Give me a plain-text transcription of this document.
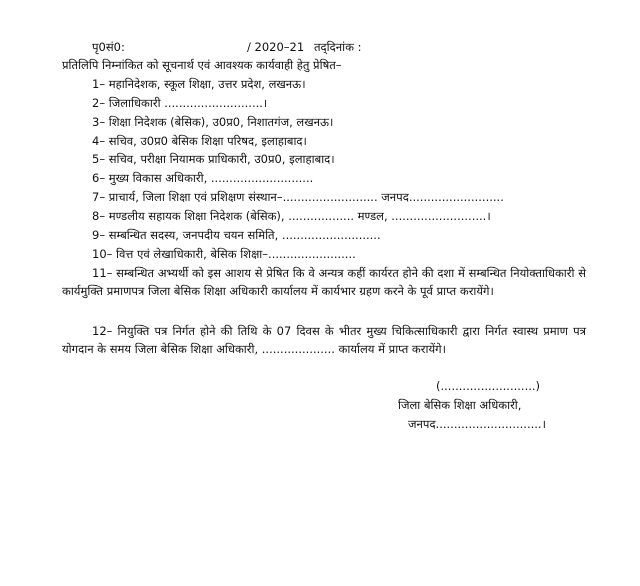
पृ0सं0:	/ 2020–21 तद्‌दिनांक :
प्रतिलिपि निम्नांकित को सूचनार्थ एवं आवश्यक कार्यवाही हेतु प्रेषित–
1– महानिदेशक, स्कूल शिक्षा, उत्तर प्रदेश, लखनऊ।
2– जिलाधिकारी ...........................।
3– शिक्षा निदेशक (बेसिक), उ0प्र0, निशातगंज, लखनऊ।
4– सचिव, उ0प्र0 बेसिक शिक्षा परिषद, इलाहाबाद।
5– सचिव, परीक्षा नियामक प्राधिकारी, उ0प्र0, इलाहाबाद।
6– मुख्य विकास अधिकारी, ............................
7– प्राचार्य, जिला शिक्षा एवं प्रशिक्षण संस्थान–.......................... जनपद..........................
8– मण्डलीय सहायक शिक्षा निदेशक (बेसिक), .................. मण्डल, ..........................।
9– सम्बन्धित सदस्य, जनपदीय चयन समिति, ...........................
10– वित्त एवं लेखाधिकारी, बेसिक शिक्षा–........................
11– सम्बन्धित अभ्यर्थी को इस आशय से प्रेषित कि वे अन्यत्र कहीं कार्यरत होने की दशा में सम्बन्धित नियोक्ताधिकारी से कार्यमुक्ति प्रमाणपत्र जिला बेसिक शिक्षा अधिकारी कार्यालय में कार्यभार ग्रहण करने के पूर्व प्राप्त करायेंगे।
12– नियुक्ति पत्र निर्गत होने की तिथि के 07 दिवस के भीतर मुख्य चिकित्साधिकारी द्वारा निर्गत स्वास्थ प्रमाण पत्र योगदान के समय जिला बेसिक शिक्षा अधिकारी, .................... कार्यालय में प्राप्त करायेंगे।
(..........................)
जिला बेसिक शिक्षा अधिकारी,
जनपद.............................।
